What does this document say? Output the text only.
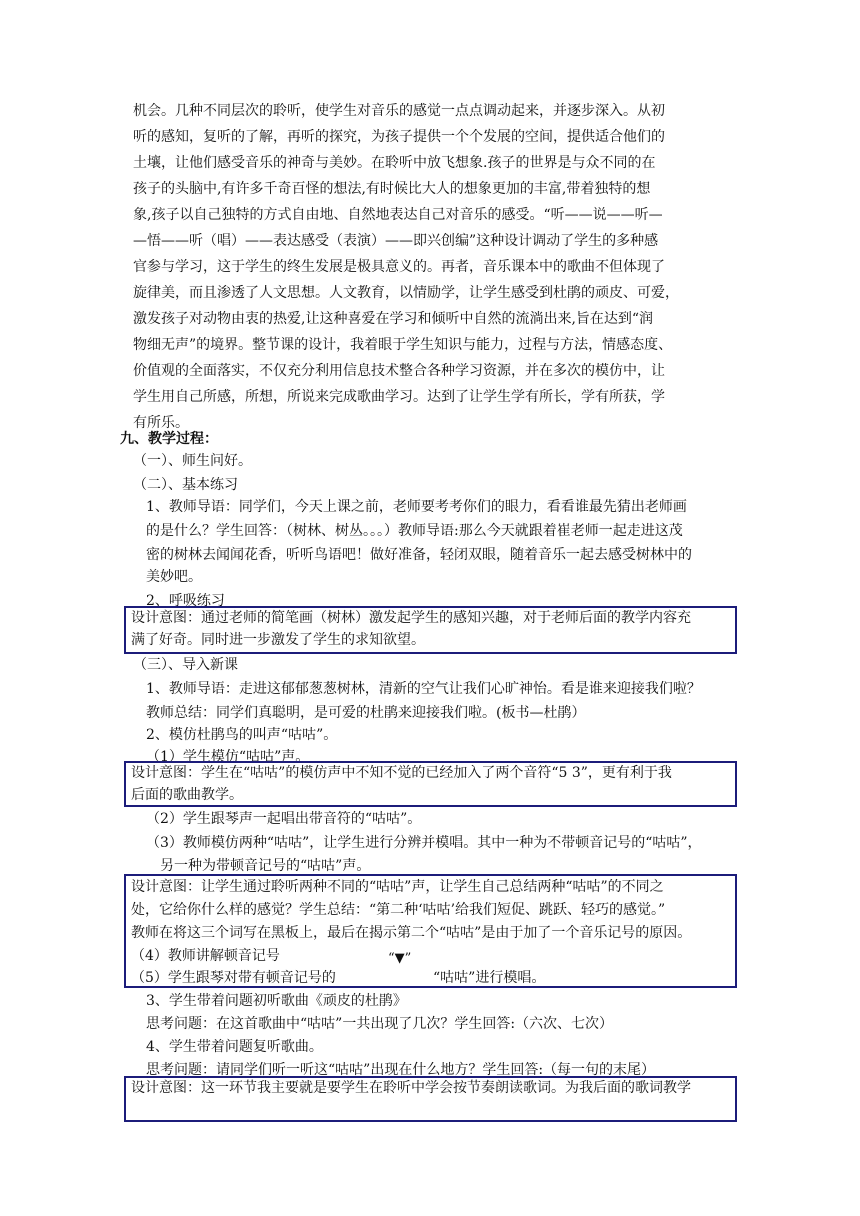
机会。几种不同层次的聆听，使学生对音乐的感觉一点点调动起来，并逐步深入。从初
听的感知，复听的了解，再听的探究，为孩子提供一个个发展的空间，提供适合他们的
土壤，让他们感受音乐的神奇与美妙。在聆听中放飞想象.孩子的世界是与众不同的在
孩子的头脑中,有许多千奇百怪的想法,有时候比大人的想象更加的丰富,带着独特的想
象,孩子以自己独特的方式自由地、自然地表达自己对音乐的感受。“听——说——听—
—悟——听（唱）——表达感受（表演）——即兴创编”这种设计调动了学生的多种感
官参与学习，这于学生的终生发展是极具意义的。再者，音乐课本中的歌曲不但体现了
旋律美，而且渗透了人文思想。人文教育，以情励学，让学生感受到杜鹃的顽皮、可爱，
激发孩子对动物由衷的热爱,让这种喜爱在学习和倾听中自然的流淌出来,旨在达到“润
物细无声”的境界。整节课的设计，我着眼于学生知识与能力，过程与方法，情感态度、
价值观的全面落实，不仅充分利用信息技术整合各种学习资源，并在多次的模仿中，让
学生用自己所感，所想，所说来完成歌曲学习。达到了让学生学有所长，学有所获，学
有所乐。
九、教学过程：
（一）、师生问好。
（二）、基本练习
1、教师导语：同学们，今天上课之前，老师要考考你们的眼力，看看谁最先猜出老师画
的是什么？学生回答：（树林、树丛。。。）教师导语:那么今天就跟着崔老师一起走进这茂
密的树林去闻闻花香，听听鸟语吧！做好准备，轻闭双眼，随着音乐一起去感受树林中的
美妙吧。
2、呼吸练习
设计意图：通过老师的简笔画（树林）激发起学生的感知兴趣，对于老师后面的教学内容充
满了好奇。同时进一步激发了学生的求知欲望。
（三）、导入新课
1、教师导语：走进这郁郁葱葱树林，清新的空气让我们心旷神怡。看是谁来迎接我们啦？
教师总结：同学们真聪明，是可爱的杜鹃来迎接我们啦。(板书—杜鹃）
2、模仿杜鹃鸟的叫声“咕咕”。
（1）学生模仿“咕咕”声。
设计意图：学生在“咕咕”的模仿声中不知不觉的已经加入了两个音符“5 3”，更有利于我
后面的歌曲教学。
（2）学生跟琴声一起唱出带音符的“咕咕”。
（3）教师模仿两种“咕咕”，让学生进行分辨并模唱。其中一种为不带顿音记号的“咕咕”，
另一种为带顿音记号的“咕咕”声。
设计意图：让学生通过聆听两种不同的“咕咕”声，让学生自己总结两种“咕咕”的不同之
处，它给你什么样的感觉？学生总结：“第二种‘咕咕’给我们短促、跳跃、轻巧的感觉。”
教师在将这三个词写在黑板上，最后在揭示第二个“咕咕”是由于加了一个音乐记号的原因。
（4）教师讲解顿音记号
（5）学生跟琴对带有顿音记号的	“咕咕”进行模唱。
“▼”
3、学生带着问题初听歌曲《顽皮的杜鹃》
思考问题：在这首歌曲中“咕咕”一共出现了几次？学生回答:（六次、七次）
4、学生带着问题复听歌曲。
思考问题：请同学们听一听这“咕咕”出现在什么地方？学生回答:（每一句的末尾）
设计意图：这一环节我主要就是要学生在聆听中学会按节奏朗读歌词。为我后面的歌词教学
